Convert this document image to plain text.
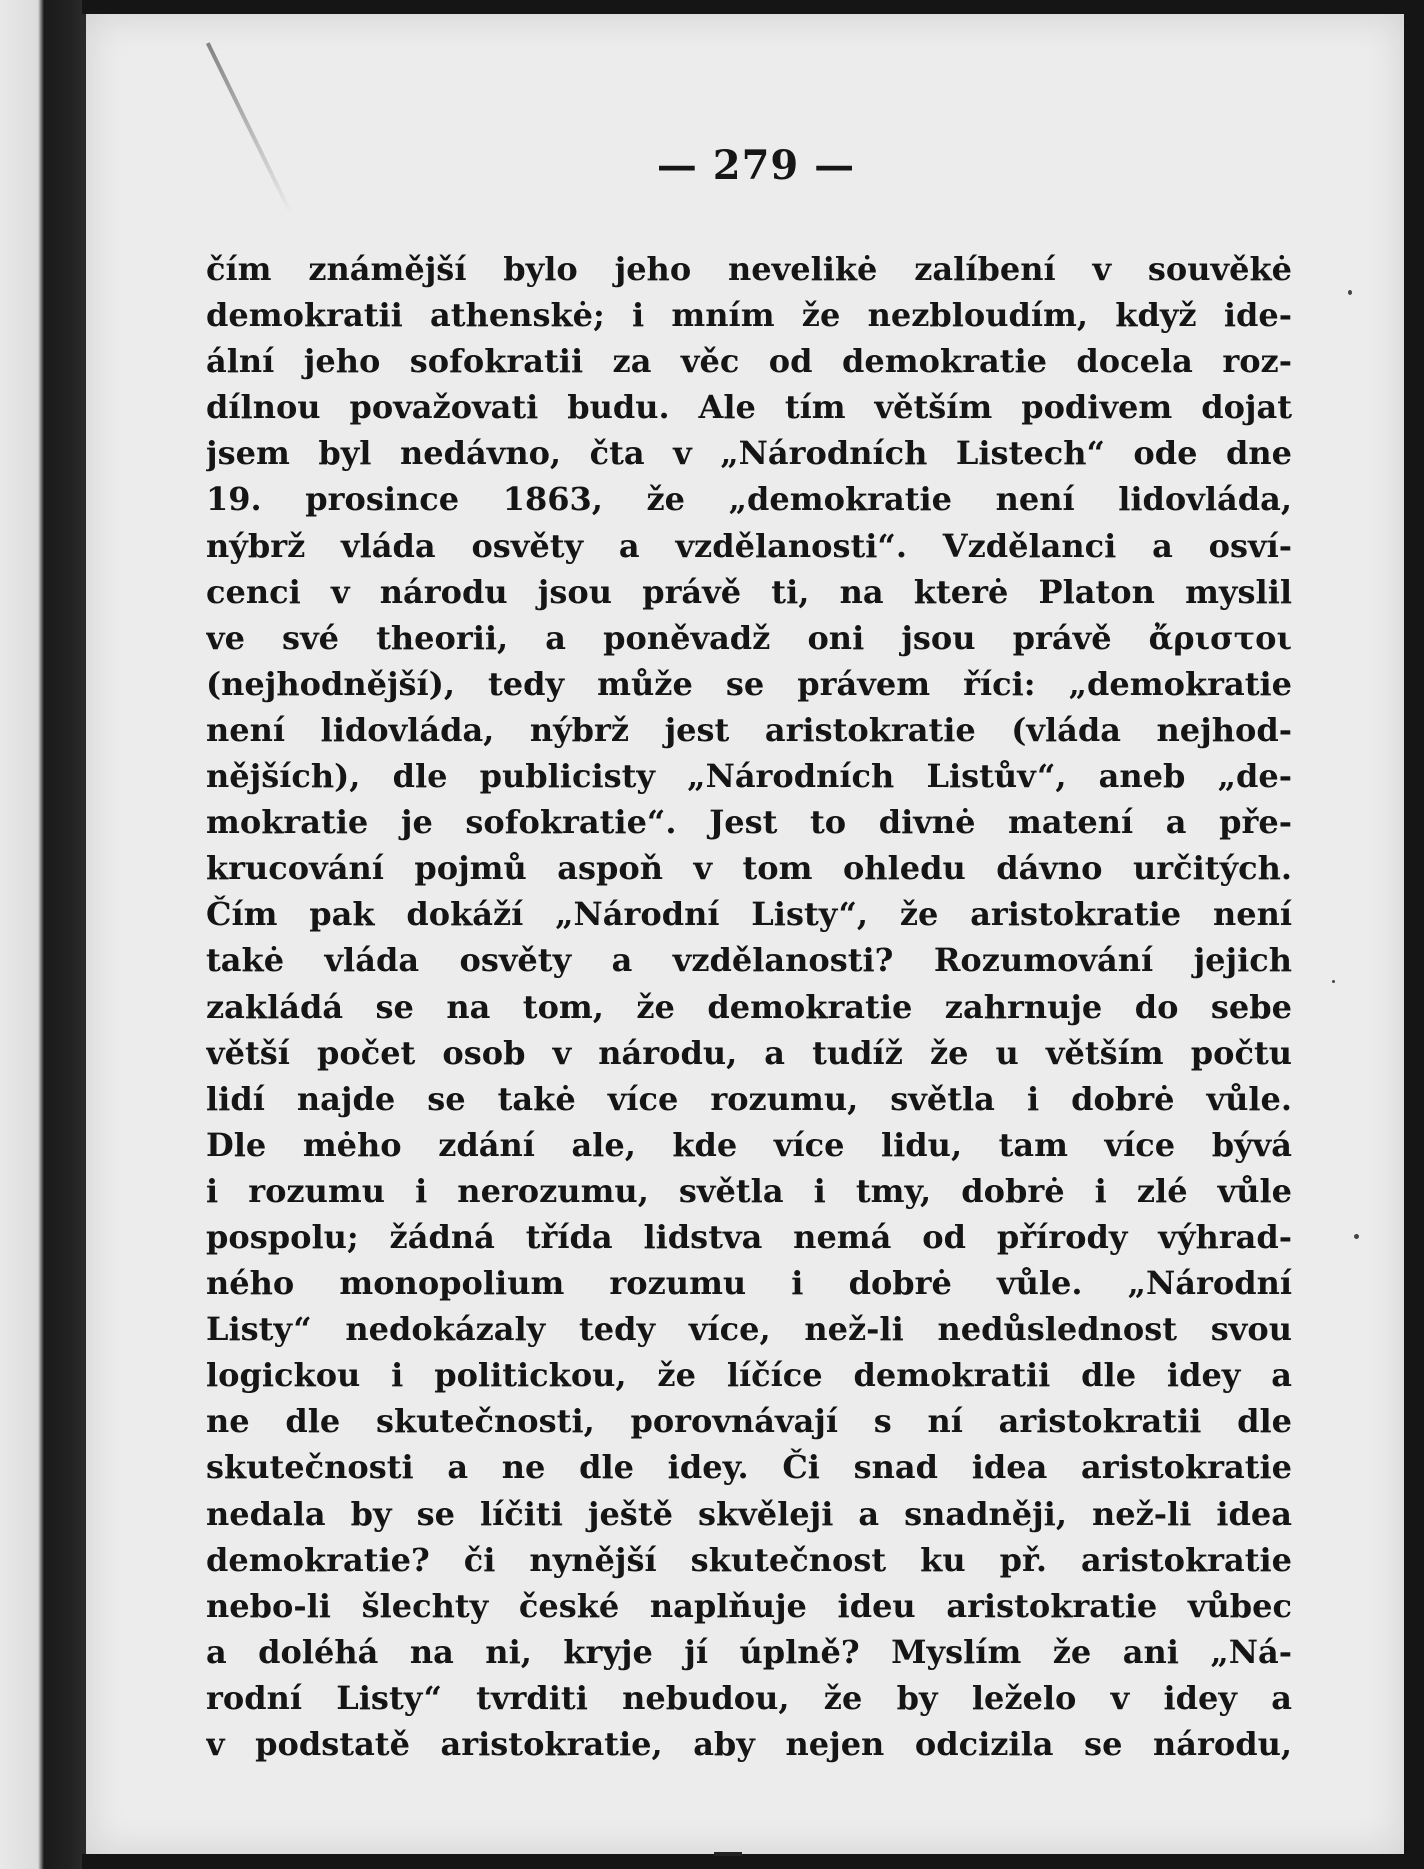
— 279 —
čím známější bylo jeho nevelikė zalíbení v souvěkė
demokratii athenskė; i mním že nezbloudím, když ide-
ální jeho sofokratii za věc od demokratie docela roz-
dílnou považovati budu. Ale tím větším podivem dojat
jsem byl nedávno, čta v „Národních Listech“ ode dne
19. prosince 1863, že „demokratie není lidovláda,
nýbrž vláda osvěty a vzdělanosti“. Vzdělanci a osví-
cenci v národu jsou právě ti, na kterė Platon myslil
ve své theorii, a poněvadž oni jsou právě ἄριστοι
(nejhodnější), tedy může se právem říci: „demokratie
není lidovláda, nýbrž jest aristokratie (vláda nejhod-
nějších), dle publicisty „Národních Listův“, aneb „de-
mokratie je sofokratie“. Jest to divnė matení a pře-
krucování pojmů aspoň v tom ohledu dávno určitých.
Čím pak dokáží „Národní Listy“, že aristokratie není
takė vláda osvěty a vzdělanosti? Rozumování jejich
zakládá se na tom, že demokratie zahrnuje do sebe
větší počet osob v národu, a tudíž že u větším počtu
lidí najde se takė více rozumu, světla i dobrė vůle.
Dle mėho zdání ale, kde více lidu, tam více bývá
i rozumu i nerozumu, světla i tmy, dobrė i zlé vůle
pospolu; žádná třída lidstva nemá od přírody výhrad-
ného monopolium rozumu i dobrė vůle. „Národní
Listy“ nedokázaly tedy více, než-li nedůslednost svou
logickou i politickou, že líčíce demokratii dle idey a
ne dle skutečnosti, porovnávají s ní aristokratii dle
skutečnosti a ne dle idey. Či snad idea aristokratie
nedala by se líčiti ještě skvěleji a snadněji, než-li idea
demokratie? či nynější skutečnost ku př. aristokratie
nebo-li šlechty české naplňuje ideu aristokratie vůbec
a doléhá na ni, kryje jí úplně? Myslím že ani „Ná-
rodní Listy“ tvrditi nebudou, že by leželo v idey a
v podstatě aristokratie, aby nejen odcizila se národu,
